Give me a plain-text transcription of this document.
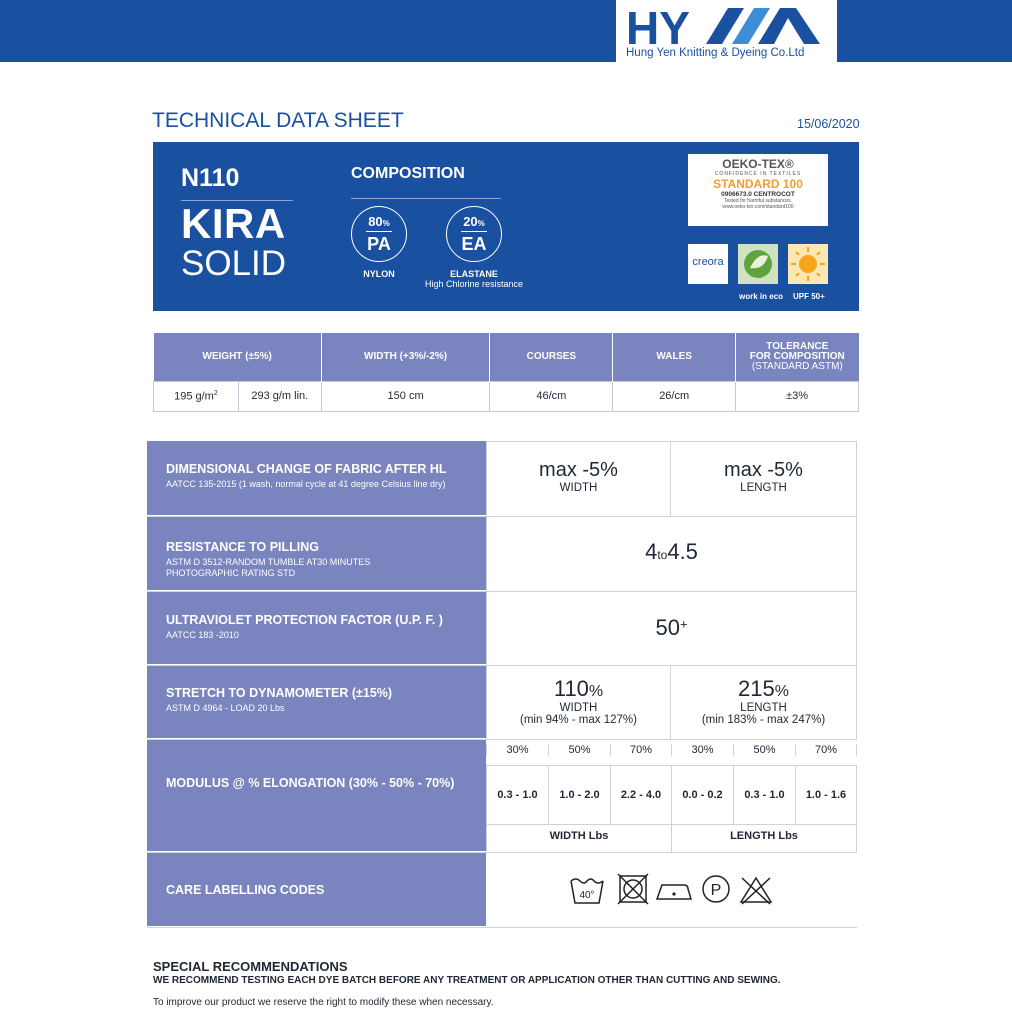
HY
Hung Yen Knitting & Dyeing Co.Ltd
TECHNICAL DATA SHEET	15/06/2020
N110
KIRA
SOLID
COMPOSITION
80%
PA
NYLON
20%
EA
ELASTANE
High Chlorine resistance
OEKO-TEX®
CONFIDENCE IN TEXTILES
STANDARD 100
0906673.0 CENTROCOT
Tested for harmful substances.
www.oeko-tex.com/standard100
creora
work in eco UPF 50+
WEIGHT (±5%)		WIDTH (+3%/-2%)	COURSES	WALES	TOLERANCE
FOR COMPOSITION
(STANDARD ASTM)

195 $g/m^2$	293 g/m lin.	150 cm	46/cm	26/cm	±3%
DIMENSIONAL CHANGE OF FABRIC AFTER HL
AATCC 135-2015 (1 wash, normal cycle at 41 degree Celsius line dry)
max -5%
WIDTH
max -5%
LENGTH
RESISTANCE TO PILLING
ASTM D 3512-RANDOM TUMBLE AT30 MINUTES
PHOTOGRAPHIC RATING STD
4to4.5
ULTRAVIOLET PROTECTION FACTOR (U.P. F. )
AATCC 183 -2010	50+
STRETCH TO DYNAMOMETER (±15%)
ASTM D 4964 - LOAD 20 Lbs
110%
WIDTH
(min 94% - max 127%)
215%
LENGTH
(min 183% - max 247%)
MODULUS @ % ELONGATION (30% - 50% - 70%)
30%	50%	70%	30%	50%	70%
0.3 - 1.0	1.0 - 2.0	2.2 - 4.0	0.0 - 0.2	0.3 - 1.0	1.0 - 1.6
WIDTH Lbs	LENGTH Lbs
CARE LABELLING CODES	40°	P
SPECIAL RECOMMENDATIONS
WE RECOMMEND TESTING EACH DYE BATCH BEFORE ANY TREATMENT OR APPLICATION OTHER THAN CUTTING AND SEWING.
To improve our product we reserve the right to modify these when necessary.
